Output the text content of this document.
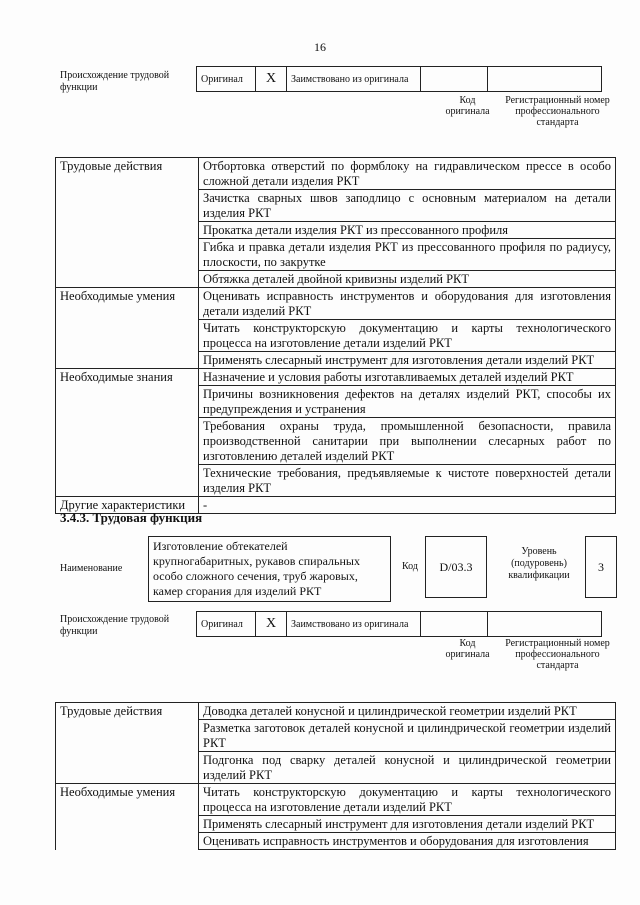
16
Происхождение трудовой функции
Оригинал	X	Заимствовано из оригинала		
Код оригинала
Регистрационный номер профессионального стандарта
Трудовые действия	Отбортовка отверстий по формблоку на гидравлическом прессе в особо сложной детали изделия РКТ
	Зачистка сварных швов заподлицо с основным материалом на детали изделия РКТ
	Прокатка детали изделия РКТ из прессованного профиля
	Гибка и правка детали изделия РКТ из прессованного профиля по радиусу, плоскости, по закрутке
	Обтяжка деталей двойной кривизны изделий РКТ
Необходимые умения	Оценивать исправность инструментов и оборудования для изготовления детали изделий РКТ
	Читать конструкторскую документацию и карты технологического процесса на изготовление детали изделий РКТ
	Применять слесарный инструмент для изготовления детали изделий РКТ
Необходимые знания	Назначение и условия работы изготавливаемых деталей изделий РКТ
	Причины возникновения дефектов на деталях изделий РКТ, способы их предупреждения и устранения
	Требования охраны труда, промышленной безопасности, правила производственной санитарии при выполнении слесарных работ по изготовлению деталей изделий РКТ
	Технические требования, предъявляемые к чистоте поверхностей детали изделия РКТ
Другие характеристики	-
3.4.3. Трудовая функция
Наименование
Изготовление обтекателей крупногабаритных, рукавов спиральных особо сложного сечения, труб жаровых, камер сгорания для изделий РКТ
Код	D/03.3
Уровень (подуровень) квалификации
3
Происхождение трудовой функции
Оригинал	X	Заимствовано из оригинала		
Код оригинала
Регистрационный номер профессионального стандарта
Трудовые действия	Доводка деталей конусной и цилиндрической геометрии изделий РКТ
	Разметка заготовок деталей конусной и цилиндрической геометрии изделий РКТ
	Подгонка под сварку деталей конусной и цилиндрической геометрии изделий РКТ
Необходимые умения	Читать конструкторскую документацию и карты технологического процесса на изготовление детали изделий РКТ
	Применять слесарный инструмент для изготовления детали изделий РКТ
	Оценивать исправность инструментов и оборудования для изготовления
